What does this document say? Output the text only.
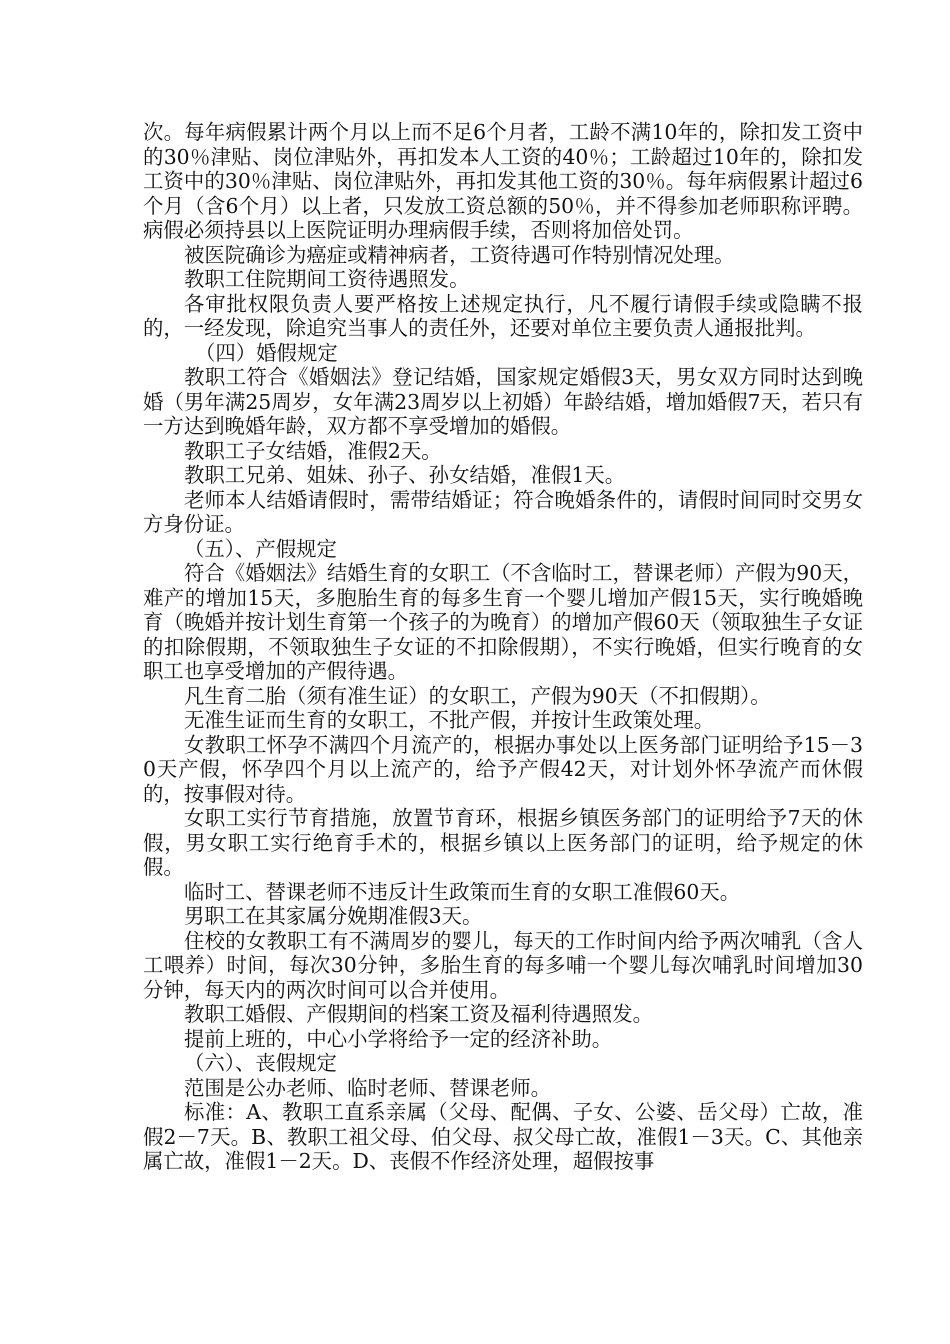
次。每年病假累计两个月以上而不足6个月者，工龄不满10年的，除扣发工资中的30％津贴、岗位津贴外，再扣发本人工资的40％；工龄超过10年的，除扣发工资中的30％津贴、岗位津贴外，再扣发其他工资的30％。每年病假累计超过6个月（含6个月）以上者，只发放工资总额的50％，并不得参加老师职称评聘。病假必须持县以上医院证明办理病假手续，否则将加倍处罚。

被医院确诊为癌症或精神病者，工资待遇可作特别情况处理。

教职工住院期间工资待遇照发。

各审批权限负责人要严格按上述规定执行，凡不履行请假手续或隐瞒不报的，一经发现，除追究当事人的责任外，还要对单位主要负责人通报批判。

（四）婚假规定

教职工符合《婚姻法》登记结婚，国家规定婚假3天，男女双方同时达到晚婚（男年满25周岁，女年满23周岁以上初婚）年龄结婚，增加婚假7天，若只有一方达到晚婚年龄，双方都不享受增加的婚假。

教职工子女结婚，准假2天。

教职工兄弟、姐妹、孙子、孙女结婚，准假1天。

老师本人结婚请假时，需带结婚证；符合晚婚条件的，请假时间同时交男女方身份证。

（五）、产假规定

符合《婚姻法》结婚生育的女职工（不含临时工，替课老师）产假为90天，难产的增加15天，多胞胎生育的每多生育一个婴儿增加产假15天，实行晚婚晚育（晚婚并按计划生育第一个孩子的为晚育）的增加产假60天（领取独生子女证的扣除假期，不领取独生子女证的不扣除假期），不实行晚婚，但实行晚育的女职工也享受增加的产假待遇。

凡生育二胎（须有准生证）的女职工，产假为90天（不扣假期）。

无准生证而生育的女职工，不批产假，并按计生政策处理。

女教职工怀孕不满四个月流产的，根据办事处以上医务部门证明给予15－30天产假，怀孕四个月以上流产的，给予产假42天，对计划外怀孕流产而休假的，按事假对待。

女职工实行节育措施，放置节育环，根据乡镇医务部门的证明给予7天的休假，男女职工实行绝育手术的，根据乡镇以上医务部门的证明，给予规定的休假。

临时工、替课老师不违反计生政策而生育的女职工准假60天。

男职工在其家属分娩期准假3天。

住校的女教职工有不满周岁的婴儿，每天的工作时间内给予两次哺乳（含人工喂养）时间，每次30分钟，多胎生育的每多哺一个婴儿每次哺乳时间增加30分钟，每天内的两次时间可以合并使用。

教职工婚假、产假期间的档案工资及福利待遇照发。

提前上班的，中心小学将给予一定的经济补助。

（六）、丧假规定

范围是公办老师、临时老师、替课老师。

标准：A、教职工直系亲属（父母、配偶、子女、公婆、岳父母）亡故，准假2－7天。B、教职工祖父母、伯父母、叔父母亡故，准假1－3天。C、其他亲属亡故，准假1－2天。D、丧假不作经济处理，超假按事
